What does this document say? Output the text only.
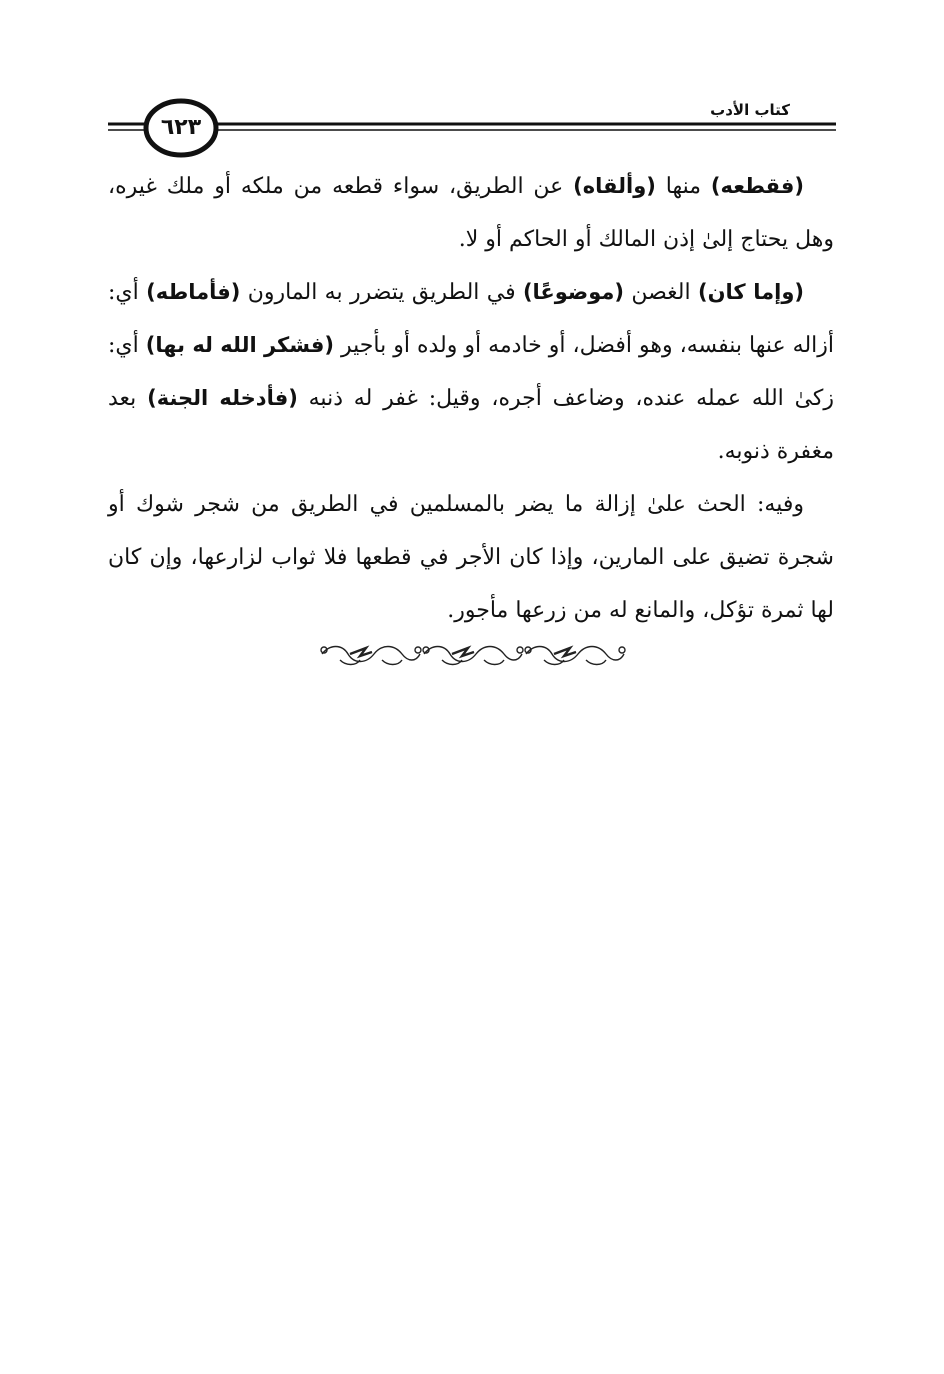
٦٢٣
كتاب الأدب

(فقطعه) منها (وألقاه) عن الطريق، سواء قطعه من ملكه أو ملك غيره، وهل يحتاج إلىٰ إذن المالك أو الحاكم أو لا.

(وإما كان) الغصن (موضوعًا) في الطريق يتضرر به المارون (فأماطه) أي: أزاله عنها بنفسه، وهو أفضل، أو خادمه أو ولده أو بأجير (فشكر الله له بها) أي: زكىٰ الله عمله عنده، وضاعف أجره، وقيل: غفر له ذنبه (فأدخله الجنة) بعد مغفرة ذنوبه.

وفيه: الحث علىٰ إزالة ما يضر بالمسلمين في الطريق من شجر شوك أو شجرة تضيق على المارين، وإذا كان الأجر في قطعها فلا ثواب لزارعها، وإن كان لها ثمرة تؤكل، والمانع له من زرعها مأجور.
